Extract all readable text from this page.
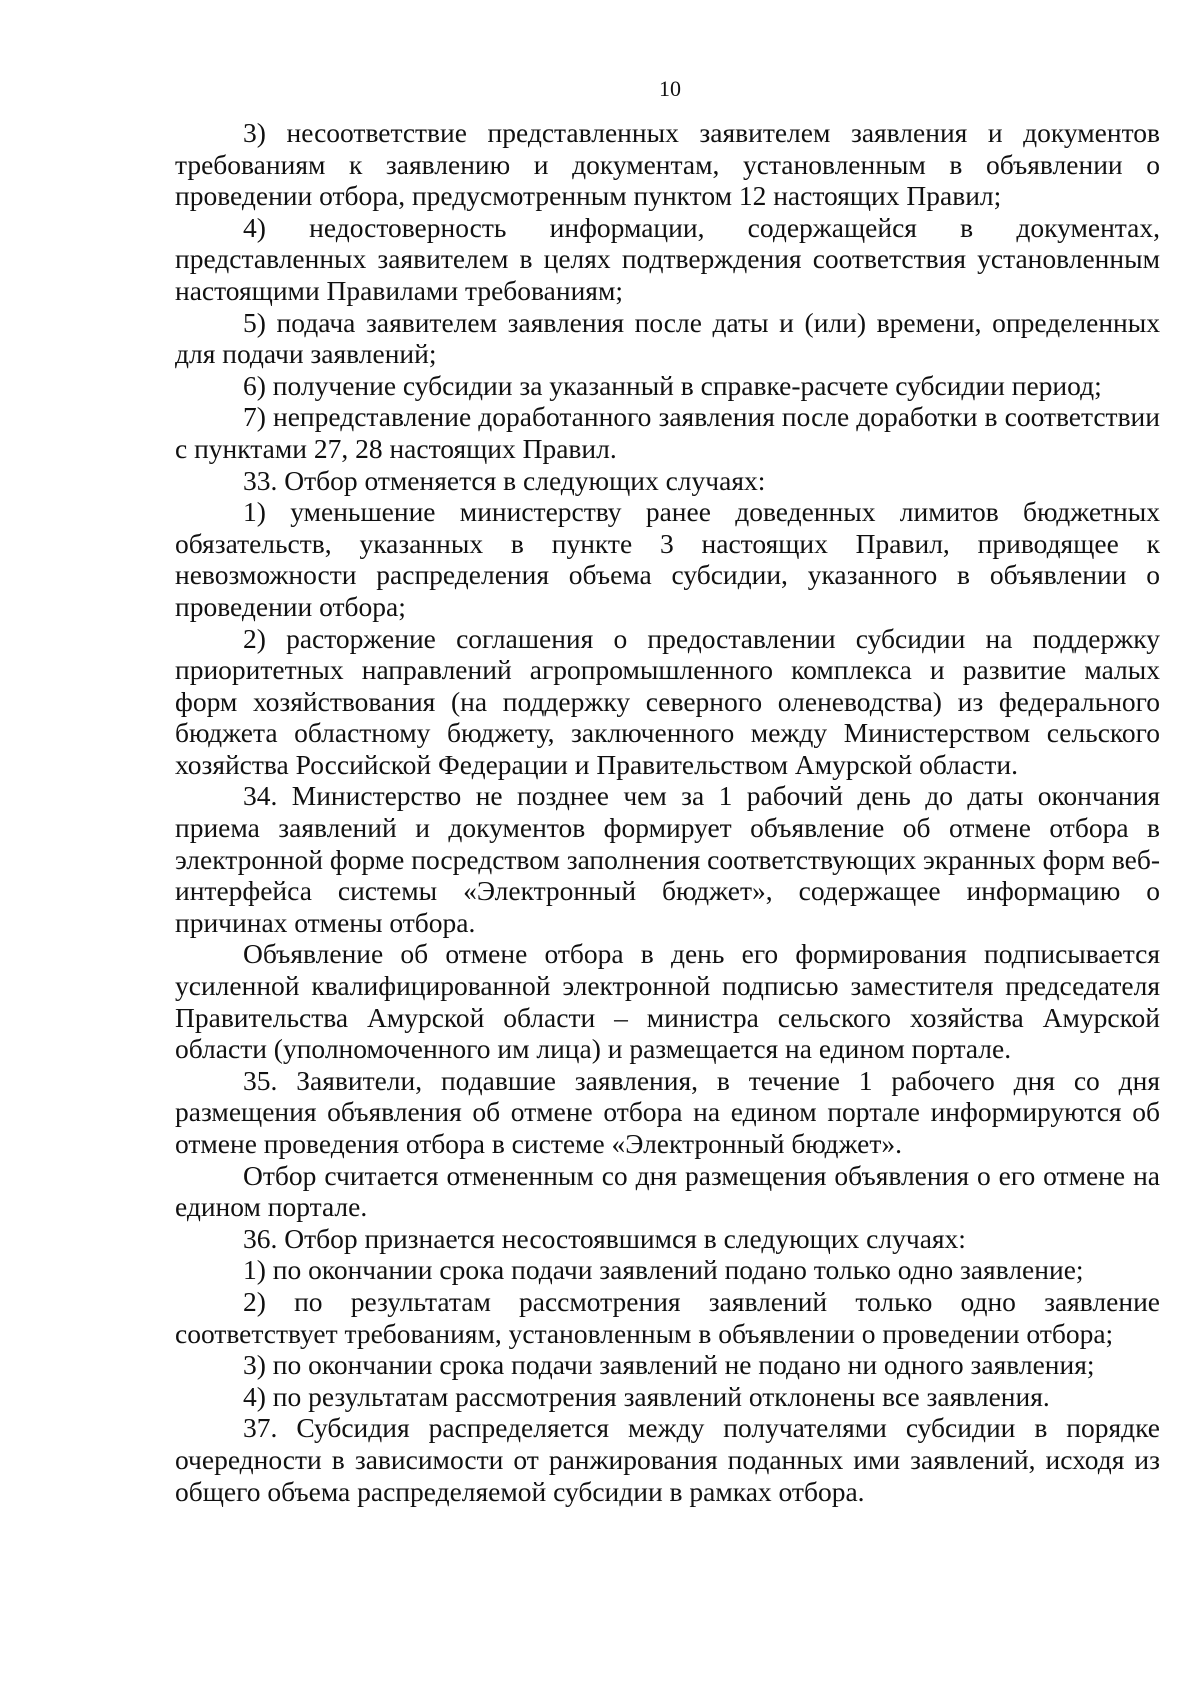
10

3) несоответствие представленных заявителем заявления и документов требованиям к заявлению и документам, установленным в объявлении о проведении отбора, предусмотренным пунктом 12 настоящих Правил;

4) недостоверность информации, содержащейся в документах, представленных заявителем в целях подтверждения соответствия установленным настоящими Правилами требованиям;

5) подача заявителем заявления после даты и (или) времени, определенных для подачи заявлений;

6) получение субсидии за указанный в справке-расчете субсидии период;

7) непредставление доработанного заявления после доработки в соответствии с пунктами 27, 28 настоящих Правил.

33. Отбор отменяется в следующих случаях:

1) уменьшение министерству ранее доведенных лимитов бюджетных обязательств, указанных в пункте 3 настоящих Правил, приводящее к невозможности распределения объема субсидии, указанного в объявлении о проведении отбора;

2) расторжение соглашения о предоставлении субсидии на поддержку приоритетных направлений агропромышленного комплекса и развитие малых форм хозяйствования (на поддержку северного оленеводства) из федерального бюджета областному бюджету, заключенного между Министерством сельского хозяйства Российской Федерации и Правительством Амурской области.

34. Министерство не позднее чем за 1 рабочий день до даты окончания приема заявлений и документов формирует объявление об отмене отбора в электронной форме посредством заполнения соответствующих экранных форм веб-интерфейса системы «Электронный бюджет», содержащее информацию о причинах отмены отбора.

Объявление об отмене отбора в день его формирования подписывается усиленной квалифицированной электронной подписью заместителя председателя Правительства Амурской области – министра сельского хозяйства Амурской области (уполномоченного им лица) и размещается на едином портале.

35. Заявители, подавшие заявления, в течение 1 рабочего дня со дня размещения объявления об отмене отбора на едином портале информируются об отмене проведения отбора в системе «Электронный бюджет».

Отбор считается отмененным со дня размещения объявления о его отмене на едином портале.

36. Отбор признается несостоявшимся в следующих случаях:

1) по окончании срока подачи заявлений подано только одно заявление;

2) по результатам рассмотрения заявлений только одно заявление соответствует требованиям, установленным в объявлении о проведении отбора;

3) по окончании срока подачи заявлений не подано ни одного заявления;

4) по результатам рассмотрения заявлений отклонены все заявления.

37. Субсидия распределяется между получателями субсидии в порядке очередности в зависимости от ранжирования поданных ими заявлений, исходя из общего объема распределяемой субсидии в рамках отбора.
